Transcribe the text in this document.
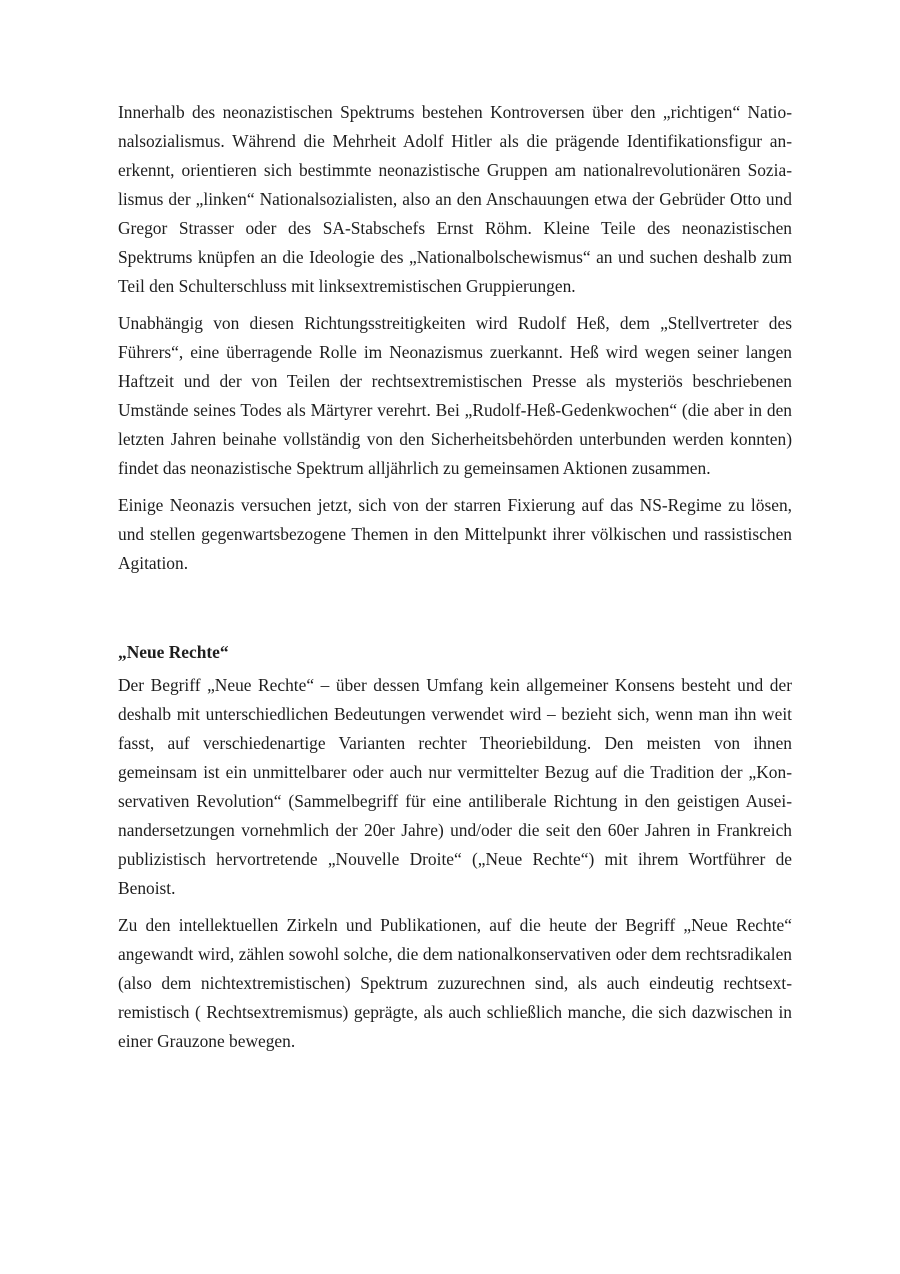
Innerhalb des neonazistischen Spektrums bestehen Kontroversen über den „richtigen“ Nationalsozialismus. Während die Mehrheit Adolf Hitler als die prägende Identifikationsfigur anerkennt, orientieren sich bestimmte neonazistische Gruppen am nationalrevolutionären Sozialismus der „linken“ Nationalsozialisten, also an den Anschauungen etwa der Gebrüder Otto und Gregor Strasser oder des SA-Stabschefs Ernst Röhm. Kleine Teile des neonazistischen Spektrums knüpfen an die Ideologie des „Nationalbolschewismus“ an und suchen deshalb zum Teil den Schulterschluss mit linksextremistischen Gruppierungen.

Unabhängig von diesen Richtungsstreitigkeiten wird Rudolf Heß, dem „Stellvertreter des Führers“, eine überragende Rolle im Neonazismus zuerkannt. Heß wird wegen seiner langen Haftzeit und der von Teilen der rechtsextremistischen Presse als mysteriös beschriebenen Umstände seines Todes als Märtyrer verehrt. Bei „Rudolf-Heß-Gedenkwochen“ (die aber in den letzten Jahren beinahe vollständig von den Sicherheitsbehörden unterbunden werden konnten) findet das neonazistische Spektrum alljährlich zu gemeinsamen Aktionen zusammen.

Einige Neonazis versuchen jetzt, sich von der starren Fixierung auf das NS-Regime zu lösen, und stellen gegenwartsbezogene Themen in den Mittelpunkt ihrer völkischen und rassistischen Agitation.

„Neue Rechte“

Der Begriff „Neue Rechte“ – über dessen Umfang kein allgemeiner Konsens besteht und der deshalb mit unterschiedlichen Bedeutungen verwendet wird – bezieht sich, wenn man ihn weit fasst, auf verschiedenartige Varianten rechter Theoriebildung. Den meisten von ihnen gemeinsam ist ein unmittelbarer oder auch nur vermittelter Bezug auf die Tradition der „Konservativen Revolution“ (Sammelbegriff für eine antiliberale Richtung in den geistigen Auseinandersetzungen vornehmlich der 20er Jahre) und/oder die seit den 60er Jahren in Frankreich publizistisch hervortretende „Nouvelle Droite“ („Neue Rechte“) mit ihrem Wortführer de Benoist.

Zu den intellektuellen Zirkeln und Publikationen, auf die heute der Begriff „Neue Rechte“ angewandt wird, zählen sowohl solche, die dem nationalkonservativen oder dem rechtsradikalen (also dem nichtextremistischen) Spektrum zuzurechnen sind, als auch eindeutig rechtsextremistisch ( Rechtsextremismus) geprägte, als auch schließlich manche, die sich dazwischen in einer Grauzone bewegen.
